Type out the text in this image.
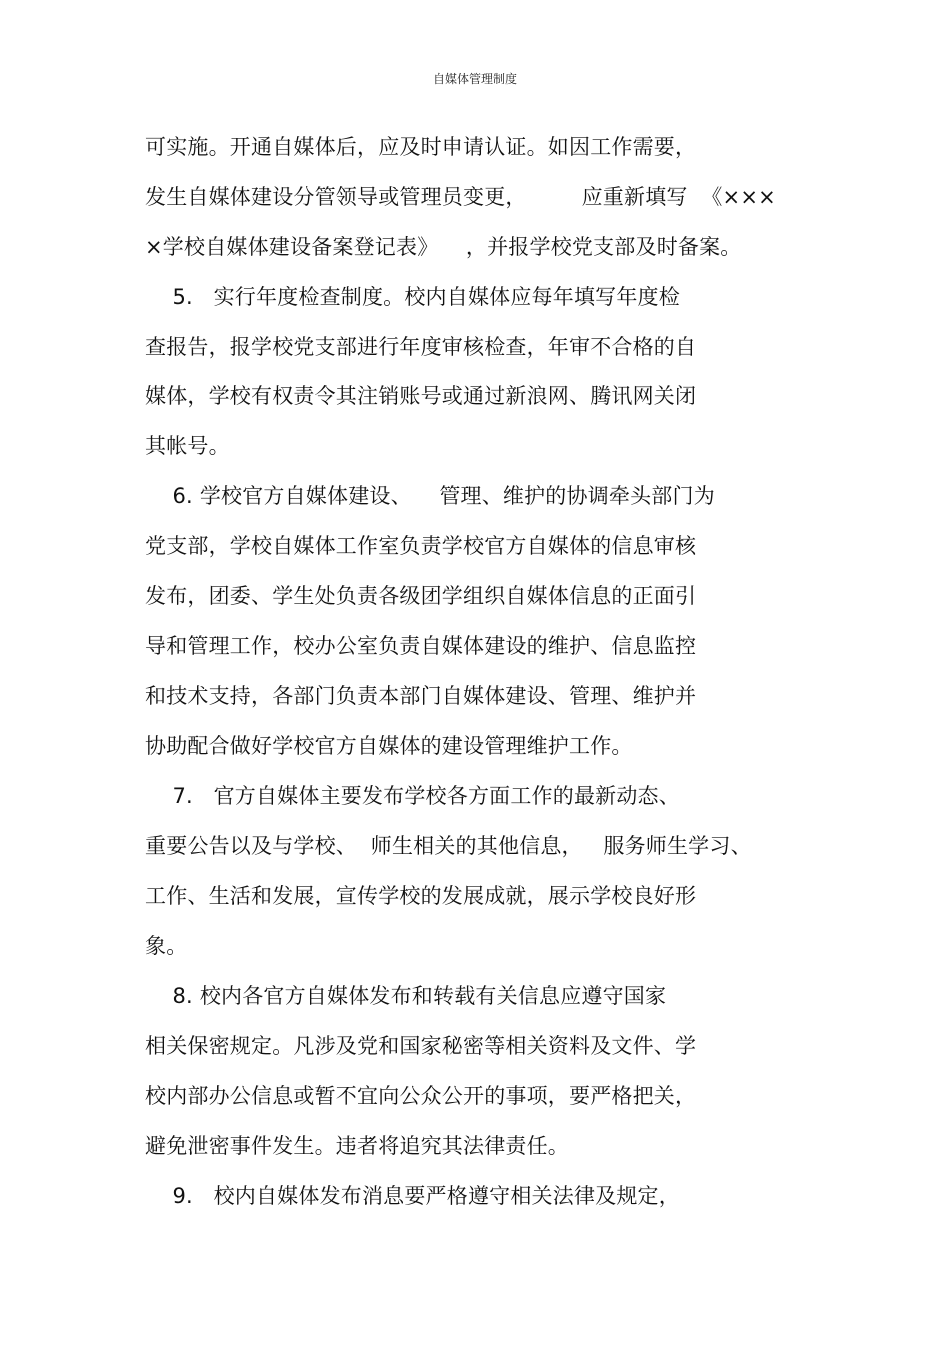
自媒体管理制度
可实施。开通自媒体后，应及时申请认证。如因工作需要，
发生自媒体建设分管领导或管理员变更，        应重新填写  《×××
×学校自媒体建设备案登记表》    ，并报学校党支部及时备案。
5.   实行年度检查制度。校内自媒体应每年填写年度检
查报告，报学校党支部进行年度审核检查，年审不合格的自
媒体，学校有权责令其注销账号或通过新浪网、腾讯网关闭
其帐号。
6. 学校官方自媒体建设、    管理、维护的协调牵头部门为
党支部，学校自媒体工作室负责学校官方自媒体的信息审核
发布，团委、学生处负责各级团学组织自媒体信息的正面引
导和管理工作，校办公室负责自媒体建设的维护、信息监控
和技术支持，各部门负责本部门自媒体建设、管理、维护并
协助配合做好学校官方自媒体的建设管理维护工作。
7.   官方自媒体主要发布学校各方面工作的最新动态、
重要公告以及与学校、  师生相关的其他信息，   服务师生学习、
工作、生活和发展，宣传学校的发展成就，展示学校良好形
象。
8. 校内各官方自媒体发布和转载有关信息应遵守国家
相关保密规定。凡涉及党和国家秘密等相关资料及文件、学
校内部办公信息或暂不宜向公众公开的事项，要严格把关，
避免泄密事件发生。违者将追究其法律责任。
9.   校内自媒体发布消息要严格遵守相关法律及规定，
